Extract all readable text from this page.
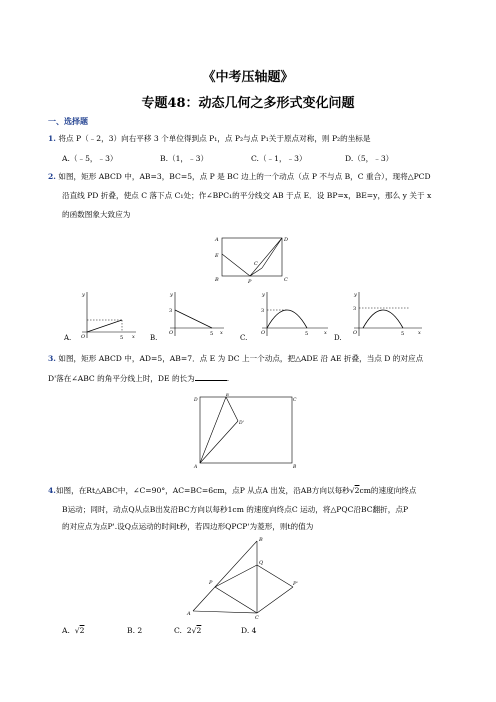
《中考压轴题》
专题48：动态几何之多形式变化问题
一、选择题
1. 将点 P（﹣2，3）向右平移 3 个单位得到点 P₁，点 P₂与点 P₁关于原点对称，则 P₂的坐标是
A.（﹣5，﹣3）	B.（1，﹣3）	C.（﹣1，﹣3）	D.（5，﹣3）
2. 如图，矩形 ABCD 中，AB=3，BC=5，点 P 是 BC 边上的一个动点（点 P 不与点 B，C 重合），现将△PCD
沿直线 PD 折叠，使点 C 落下点 C₁处；作∠BPC₁的平分线交 AB 于点 E．设 BP=x，BE=y，那么 y 关于 x
的函数图象大致应为
A	D
E
C
B	P	C
y
x
O	5
A.
y
x
O
3
5
B.
y
x
O
3
5
C.
y
x
O
3
5
D.
3. 如图，矩形 ABCD 中，AD=5，AB=7．点 E 为 DC 上一个动点，把△ADE 沿 AE 折叠，当点 D 的对应点
D'落在∠ABC 的角平分线上时，DE 的长为	.
D
E
C
D'
A	B
4.如图，在Rt△ABC中，∠C=90°，AC=BC=6cm，点P 从点A 出发，沿AB方向以每秒√2cm的速度向终点
B运动；同时，动点Q从点B出发沿BC方向以每秒1cm 的速度向终点C 运动，将△PQC沿BC翻折，点P
的对应点为点P'.设Q点运动的时间t秒，若四边形QPCP'为菱形，则t的值为
B
Q
P	P'
A
C
A. √2	B. 2	C. 2√2	D. 4
